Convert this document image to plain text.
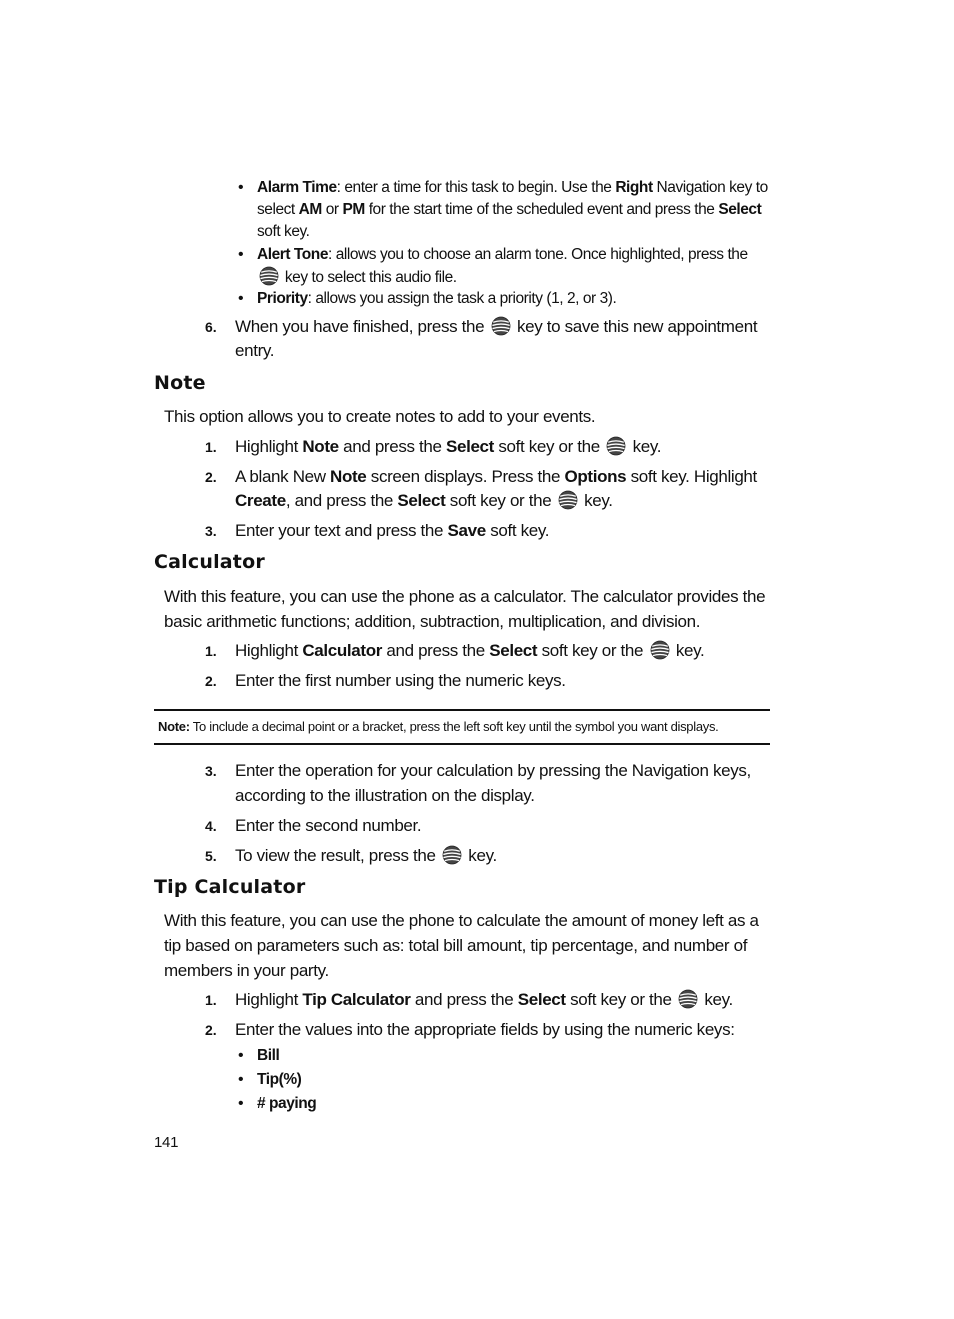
• Alarm Time: enter a time for this task to begin. Use the Right Navigation key to
select AM or PM for the start time of the scheduled event and press the Select
soft key.
• Alert Tone: allows you to choose an alarm tone. Once highlighted, press the
key to select this audio file.
• Priority: allows you assign the task a priority (1, 2, or 3).
6. When you have finished, press the
key to save this new appointment
entry.
Note
This option allows you to create notes to add to your events.
1. Highlight Note and press the Select soft key or the
key.
2. A blank New Note screen displays. Press the Options soft key. Highlight
Create, and press the Select soft key or the
key.
3. Enter your text and press the Save soft key.
Calculator
With this feature, you can use the phone as a calculator. The calculator provides the
basic arithmetic functions; addition, subtraction, multiplication, and division.
1. Highlight Calculator and press the Select soft key or the
key.
2. Enter the first number using the numeric keys.
Note: To include a decimal point or a bracket, press the left soft key until the symbol you want displays.
3. Enter the operation for your calculation by pressing the Navigation keys,
according to the illustration on the display.
4. Enter the second number.
5. To view the result, press the
key.
Tip Calculator
With this feature, you can use the phone to calculate the amount of money left as a
tip based on parameters such as: total bill amount, tip percentage, and number of
members in your party.
1. Highlight Tip Calculator and press the Select soft key or the
key.
2. Enter the values into the appropriate fields by using the numeric keys:
• Bill
• Tip(%)
• # paying
141
